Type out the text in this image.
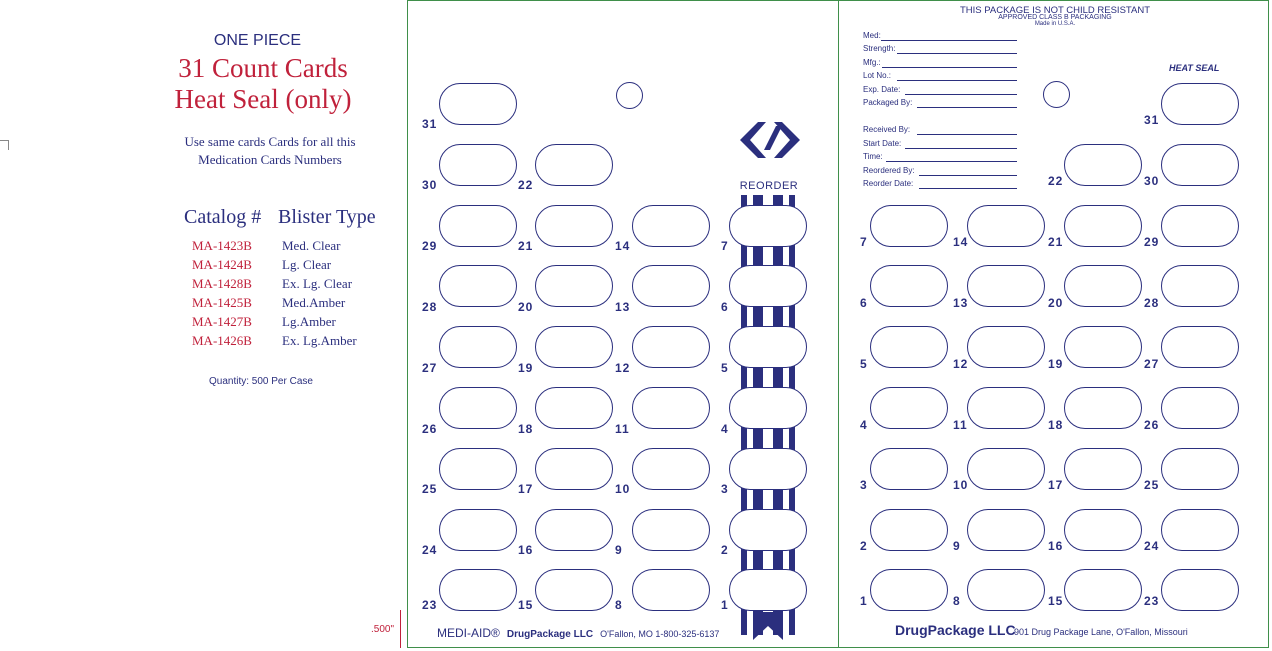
ONE PIECE
31 Count Cards
Heat Seal (only)
Use same cards Cards for all this
Medication Cards Numbers
Catalog # Blister Type
MA-1423B Med. Clear
MA-1424B Lg. Clear
MA-1428B Ex. Lg. Clear
MA-1425B Med.Amber
MA-1427B Lg.Amber
MA-1426B Ex. Lg.Amber
Quantity: 500 Per Case
.500"
REORDER
31
30
29
28
27
26
25
24
23
22
21
20
19
18
17
16
15
14
13
12
11
10
9
8
7
6
5
4
3
2
1
7
6
5
4
3
2
1
14
13
12
11
10
9
8
22
21
20
19
18
17
16
15
31
30
29
28
27
26
25
24
23
MEDI-AID® DrugPackage LLC O'Fallon, MO 1-800-325-6137
THIS PACKAGE IS NOT CHILD RESISTANT
APPROVED CLASS B PACKAGING
Made in U.S.A.
HEAT SEAL
Med:
Strength:
Mfg.:
Lot No.:
Exp. Date:
Packaged By:
Received By:
Start Date:
Time:
Reordered By:
Reorder Date:
DrugPackage LLC
901 Drug Package Lane, O'Fallon, Missouri
